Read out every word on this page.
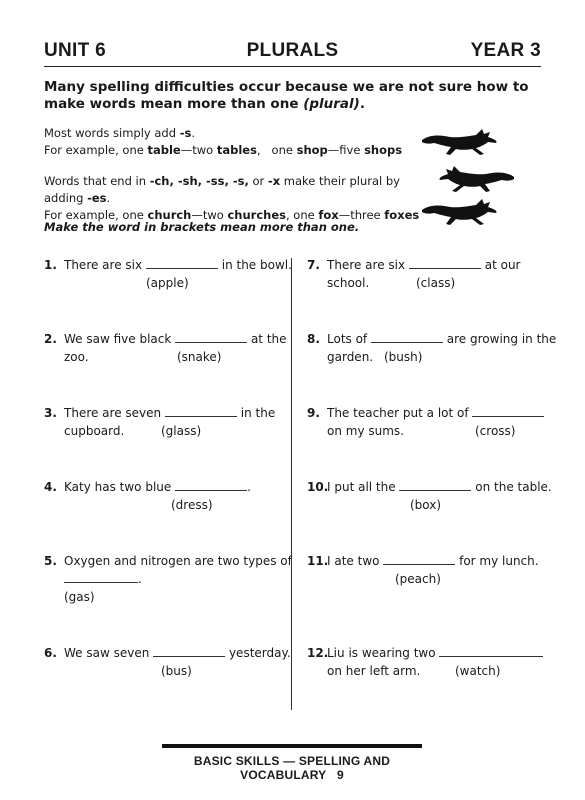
UNIT 6	PLURALS	YEAR 3
Many spelling difficulties occur because we are not sure how to make words mean more than one (plural).
Most words simply add -s.
For example, one table—two tables,   one shop—five shops
Words that end in -ch, -sh, -ss, -s, or -x make their plural by adding -es.
For example, one church—two churches, one fox—three foxes
Make the word in brackets mean more than one.
1. There are six	in the bowl.
(apple)
2. We saw five black	at the
zoo.	(snake)
3. There are seven	in the
cupboard.	(glass)
4. Katy has two blue	.
(dress)
5. Oxygen and nitrogen are two types of
.
(gas)
6. We saw seven	yesterday.
(bus)
7. There are six	at our
school.	(class)
8. Lots of	are growing in the
garden. (bush)
9. The teacher put a lot of
on my sums.	(cross)
10.
I put all the	on the table.
(box)
11.
I ate two	for my lunch.
(peach)
12.
Liu is wearing two
on her left arm.	(watch)
BASIC SKILLS — SPELLING AND VOCABULARY 9
